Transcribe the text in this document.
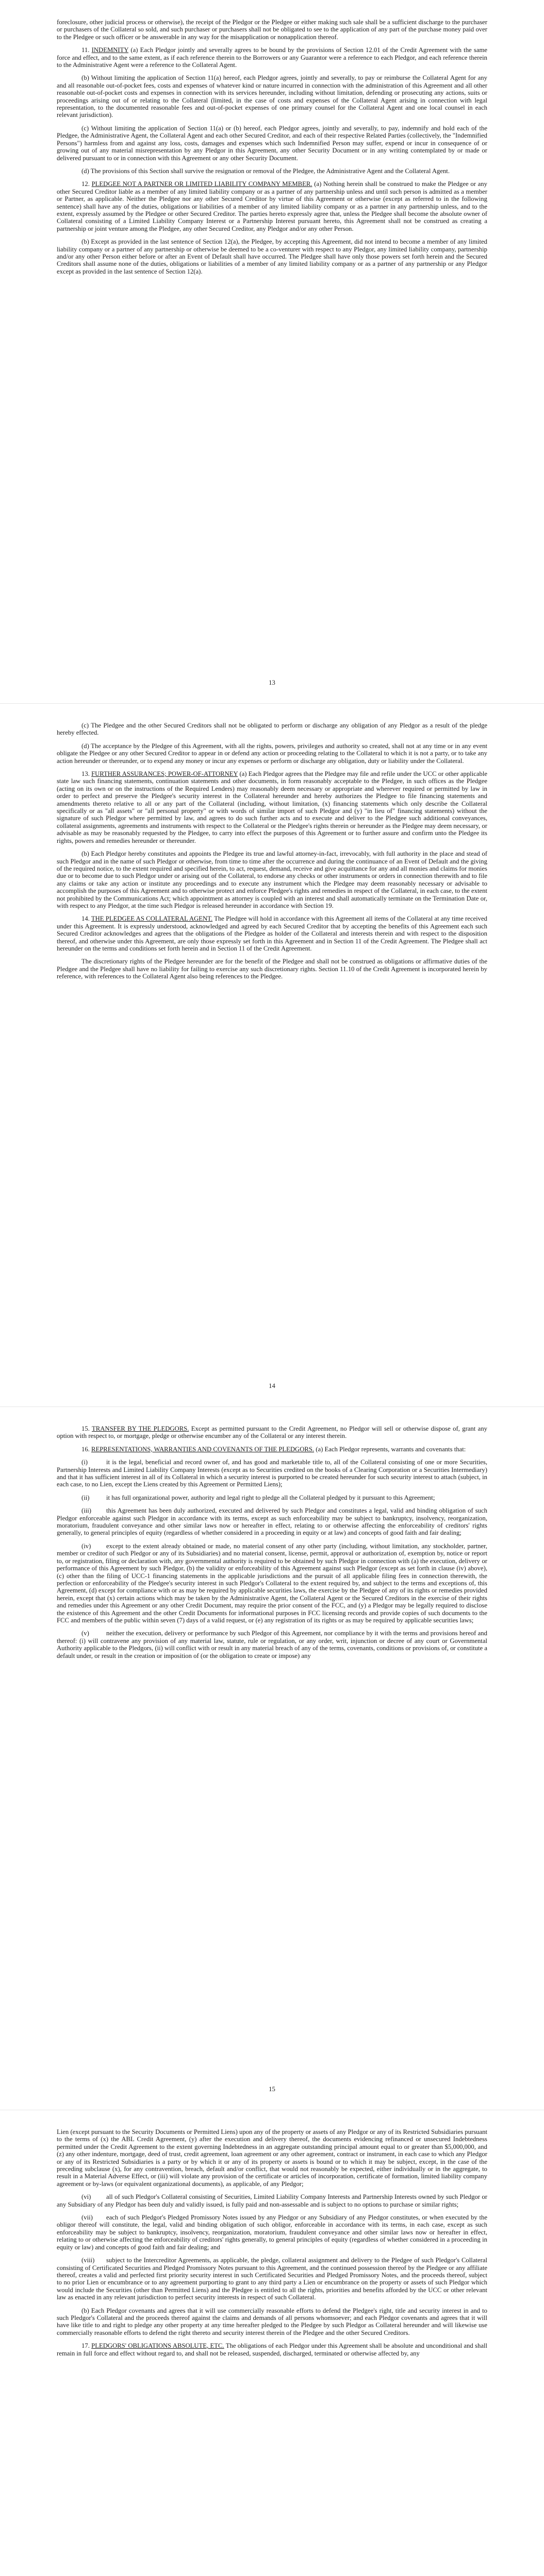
foreclosure, other judicial process or otherwise), the receipt of the Pledgor or the Pledgee or either making such sale shall be a sufficient discharge to the purchaser or purchasers of the Collateral so sold, and such purchaser or purchasers shall not be obligated to see to the application of any part of the purchase money paid over to the Pledgee or such officer or be answerable in any way for the misapplication or nonapplication thereof.

11. INDEMNITY (a) Each Pledgor jointly and severally agrees to be bound by the provisions of Section 12.01 of the Credit Agreement with the same force and effect, and to the same extent, as if each reference therein to the Borrowers or any Guarantor were a reference to each Pledgor, and each reference therein to the Administrative Agent were a reference to the Collateral Agent.

(b) Without limiting the application of Section 11(a) hereof, each Pledgor agrees, jointly and severally, to pay or reimburse the Collateral Agent for any and all reasonable out-of-pocket fees, costs and expenses of whatever kind or nature incurred in connection with the administration of this Agreement and all other reasonable out-of-pocket costs and expenses in connection with its services hereunder, including without limitation, defending or prosecuting any actions, suits or proceedings arising out of or relating to the Collateral (limited, in the case of costs and expenses of the Collateral Agent arising in connection with legal representation, to the documented reasonable fees and out-of-pocket expenses of one primary counsel for the Collateral Agent and one local counsel in each relevant jurisdiction).

(c) Without limiting the application of Section 11(a) or (b) hereof, each Pledgor agrees, jointly and severally, to pay, indemnify and hold each of the Pledgee, the Administrative Agent, the Collateral Agent and each other Secured Creditor, and each of their respective Related Parties (collectively, the "Indemnified Persons") harmless from and against any loss, costs, damages and expenses which such Indemnified Person may suffer, expend or incur in consequence of or growing out of any material misrepresentation by any Pledgor in this Agreement, any other Security Document or in any writing contemplated by or made or delivered pursuant to or in connection with this Agreement or any other Security Document.

(d) The provisions of this Section shall survive the resignation or removal of the Pledgee, the Administrative Agent and the Collateral Agent.

12. PLEDGEE NOT A PARTNER OR LIMITED LIABILITY COMPANY MEMBER. (a) Nothing herein shall be construed to make the Pledgee or any other Secured Creditor liable as a member of any limited liability company or as a partner of any partnership unless and until such person is admitted as a member or Partner, as applicable. Neither the Pledgee nor any other Secured Creditor by virtue of this Agreement or otherwise (except as referred to in the following sentence) shall have any of the duties, obligations or liabilities of a member of any limited liability company or as a partner in any partnership unless, and to the extent, expressly assumed by the Pledgee or other Secured Creditor. The parties hereto expressly agree that, unless the Pledgee shall become the absolute owner of Collateral consisting of a Limited Liability Company Interest or a Partnership Interest pursuant hereto, this Agreement shall not be construed as creating a partnership or joint venture among the Pledgee, any other Secured Creditor, any Pledgor and/or any other Person.

(b) Except as provided in the last sentence of Section 12(a), the Pledgee, by accepting this Agreement, did not intend to become a member of any limited liability company or a partner of any partnership or otherwise be deemed to be a co-venturer with respect to any Pledgor, any limited liability company, partnership and/or any other Person either before or after an Event of Default shall have occurred. The Pledgee shall have only those powers set forth herein and the Secured Creditors shall assume none of the duties, obligations or liabilities of a member of any limited liability company or as a partner of any partnership or any Pledgor except as provided in the last sentence of Section 12(a).

13

(c) The Pledgee and the other Secured Creditors shall not be obligated to perform or discharge any obligation of any Pledgor as a result of the pledge hereby effected.

(d) The acceptance by the Pledgee of this Agreement, with all the rights, powers, privileges and authority so created, shall not at any time or in any event obligate the Pledgee or any other Secured Creditor to appear in or defend any action or proceeding relating to the Collateral to which it is not a party, or to take any action hereunder or thereunder, or to expend any money or incur any expenses or perform or discharge any obligation, duty or liability under the Collateral.

13. FURTHER ASSURANCES; POWER-OF-ATTORNEY (a) Each Pledgor agrees that the Pledgee may file and refile under the UCC or other applicable state law such financing statements, continuation statements and other documents, in form reasonably acceptable to the Pledgee, in such offices as the Pledgee (acting on its own or on the instructions of the Required Lenders) may reasonably deem necessary or appropriate and wherever required or permitted by law in order to perfect and preserve the Pledgee's security interest in the Collateral hereunder and hereby authorizes the Pledgee to file financing statements and amendments thereto relative to all or any part of the Collateral (including, without limitation, (x) financing statements which only describe the Collateral specifically or as "all assets" or "all personal property" or with words of similar import of such Pledgor and (y) "in lieu of" financing statements) without the signature of such Pledgor where permitted by law, and agrees to do such further acts and to execute and deliver to the Pledgee such additional conveyances, collateral assignments, agreements and instruments with respect to the Collateral or the Pledgee's rights therein or hereunder as the Pledgee may deem necessary, or advisable as may be reasonably requested by the Pledgee, to carry into effect the purposes of this Agreement or to further assure and confirm unto the Pledgee its rights, powers and remedies hereunder or thereunder.

(b) Each Pledgor hereby constitutes and appoints the Pledgee its true and lawful attorney-in-fact, irrevocably, with full authority in the place and stead of such Pledgor and in the name of such Pledgor or otherwise, from time to time after the occurrence and during the continuance of an Event of Default and the giving of the required notice, to the extent required and specified herein, to act, request, demand, receive and give acquittance for any and all monies and claims for monies due or to become due to such Pledgor under or arising out of the Collateral, to endorse any checks or other instruments or orders in connection therewith and to file any claims or take any action or institute any proceedings and to execute any instrument which the Pledgee may deem reasonably necessary or advisable to accomplish the purposes of this Agreement and to otherwise protect and enforce Pledgee's rights and remedies in respect of the Collateral, in each case, to the extent not prohibited by the Communications Act; which appointment as attorney is coupled with an interest and shall automatically terminate on the Termination Date or, with respect to any Pledgor, at the time such Pledgor is released hereunder in accordance with Section 19.

14. THE PLEDGEE AS COLLATERAL AGENT. The Pledgee will hold in accordance with this Agreement all items of the Collateral at any time received under this Agreement. It is expressly understood, acknowledged and agreed by each Secured Creditor that by accepting the benefits of this Agreement each such Secured Creditor acknowledges and agrees that the obligations of the Pledgee as holder of the Collateral and interests therein and with respect to the disposition thereof, and otherwise under this Agreement, are only those expressly set forth in this Agreement and in Section 11 of the Credit Agreement. The Pledgee shall act hereunder on the terms and conditions set forth herein and in Section 11 of the Credit Agreement.

The discretionary rights of the Pledgee hereunder are for the benefit of the Pledgee and shall not be construed as obligations or affirmative duties of the Pledgee and the Pledgee shall have no liability for failing to exercise any such discretionary rights. Section 11.10 of the Credit Agreement is incorporated herein by reference, with references to the Collateral Agent also being references to the Pledgee.

14

15. TRANSFER BY THE PLEDGORS. Except as permitted pursuant to the Credit Agreement, no Pledgor will sell or otherwise dispose of, grant any option with respect to, or mortgage, pledge or otherwise encumber any of the Collateral or any interest therein.

16. REPRESENTATIONS, WARRANTIES AND COVENANTS OF THE PLEDGORS. (a) Each Pledgor represents, warrants and covenants that:

(i)	it is the legal, beneficial and record owner of, and has good and marketable title to, all of the Collateral consisting of one or more Securities, Partnership Interests and Limited Liability Company Interests (except as to Securities credited on the books of a Clearing Corporation or a Securities Intermediary) and that it has sufficient interest in all of its Collateral in which a security interest is purported to be created hereunder for such security interest to attach (subject, in each case, to no Lien, except the Liens created by this Agreement or Permitted Liens);

(ii)	it has full organizational power, authority and legal right to pledge all the Collateral pledged by it pursuant to this Agreement;

(iii) this Agreement has been duly authorized, executed and delivered by such Pledgor and constitutes a legal, valid and binding obligation of such Pledgor enforceable against such Pledgor in accordance with its terms, except as such enforceability may be subject to bankruptcy, insolvency, reorganization, moratorium, fraudulent conveyance and other similar laws now or hereafter in effect, relating to or otherwise affecting the enforceability of creditors' rights generally, to general principles of equity (regardless of whether considered in a proceeding in equity or at law) and concepts of good faith and fair dealing;

(iv) except to the extent already obtained or made, no material consent of any other party (including, without limitation, any stockholder, partner, member or creditor of such Pledgor or any of its Subsidiaries) and no material consent, license, permit, approval or authorization of, exemption by, notice or report to, or registration, filing or declaration with, any governmental authority is required to be obtained by such Pledgor in connection with (a) the execution, delivery or performance of this Agreement by such Pledgor, (b) the validity or enforceability of this Agreement against such Pledgor (except as set forth in clause (iv) above), (c) other than the filing of UCC-1 financing statements in the applicable jurisdictions and the pursuit of all applicable filing fees in connection therewith, the perfection or enforceability of the Pledgee's security interest in such Pledgor's Collateral to the extent required by, and subject to the terms and exceptions of, this Agreement, (d) except for compliance with or as may be required by applicable securities laws, the exercise by the Pledgee of any of its rights or remedies provided herein, except that (x) certain actions which may be taken by the Administrative Agent, the Collateral Agent or the Secured Creditors in the exercise of their rights and remedies under this Agreement or any other Credit Document, may require the prior consent of the FCC, and (y) a Pledgor may be legally required to disclose the existence of this Agreement and the other Credit Documents for informational purposes in FCC licensing records and provide copies of such documents to the FCC and members of the public within seven (7) days of a valid request, or (e) any registration of its rights or as may be required by applicable securities laws;

(v)	neither the execution, delivery or performance by such Pledgor of this Agreement, nor compliance by it with the terms and provisions hereof and thereof: (i) will contravene any provision of any material law, statute, rule or regulation, or any order, writ, injunction or decree of any court or Governmental Authority applicable to the Pledgors, (ii) will conflict with or result in any material breach of any of the terms, covenants, conditions or provisions of, or constitute a default under, or result in the creation or imposition of (or the obligation to create or impose) any

15

Lien (except pursuant to the Security Documents or Permitted Liens) upon any of the property or assets of any Pledgor or any of its Restricted Subsidiaries pursuant to the terms of (x) the ABL Credit Agreement, (y) after the execution and delivery thereof, the documents evidencing refinanced or unsecured Indebtedness permitted under the Credit Agreement to the extent governing Indebtedness in an aggregate outstanding principal amount equal to or greater than $5,000,000, and (z) any other indenture, mortgage, deed of trust, credit agreement, loan agreement or any other agreement, contract or instrument, in each case to which any Pledgor or any of its Restricted Subsidiaries is a party or by which it or any of its property or assets is bound or to which it may be subject, except, in the case of the preceding subclause (x), for any contravention, breach, default and/or conflict, that would not reasonably be expected, either individually or in the aggregate, to result in a Material Adverse Effect, or (iii) will violate any provision of the certificate or articles of incorporation, certificate of formation, limited liability company agreement or by-laws (or equivalent organizational documents), as applicable, of any Pledgor;

(vi) all of such Pledgor's Collateral consisting of Securities, Limited Liability Company Interests and Partnership Interests owned by such Pledgor or any Subsidiary of any Pledgor has been duly and validly issued, is fully paid and non-assessable and is subject to no options to purchase or similar rights;

(vii) each of such Pledgor's Pledged Promissory Notes issued by any Pledgor or any Subsidiary of any Pledgor constitutes, or when executed by the obligor thereof will constitute, the legal, valid and binding obligation of such obligor, enforceable in accordance with its terms, in each case, except as such enforceability may be subject to bankruptcy, insolvency, reorganization, moratorium, fraudulent conveyance and other similar laws now or hereafter in effect, relating to or otherwise affecting the enforceability of creditors' rights generally, to general principles of equity (regardless of whether considered in a proceeding in equity or law) and concepts of good faith and fair dealing; and

(viii) subject to the Intercreditor Agreements, as applicable, the pledge, collateral assignment and delivery to the Pledgee of such Pledgor's Collateral consisting of Certificated Securities and Pledged Promissory Notes pursuant to this Agreement, and the continued possession thereof by the Pledgee or any affiliate thereof, creates a valid and perfected first priority security interest in such Certificated Securities and Pledged Promissory Notes, and the proceeds thereof, subject to no prior Lien or encumbrance or to any agreement purporting to grant to any third party a Lien or encumbrance on the property or assets of such Pledgor which would include the Securities (other than Permitted Liens) and the Pledgee is entitled to all the rights, priorities and benefits afforded by the UCC or other relevant law as enacted in any relevant jurisdiction to perfect security interests in respect of such Collateral.

(b) Each Pledgor covenants and agrees that it will use commercially reasonable efforts to defend the Pledgee's right, title and security interest in and to such Pledgor's Collateral and the proceeds thereof against the claims and demands of all persons whomsoever; and each Pledgor covenants and agrees that it will have like title to and right to pledge any other property at any time hereafter pledged to the Pledgee by such Pledgor as Collateral hereunder and will likewise use commercially reasonable efforts to defend the right thereto and security interest therein of the Pledgee and the other Secured Creditors.

17. PLEDGORS' OBLIGATIONS ABSOLUTE, ETC. The obligations of each Pledgor under this Agreement shall be absolute and unconditional and shall remain in full force and effect without regard to, and shall not be released, suspended, discharged, terminated or otherwise affected by, any
